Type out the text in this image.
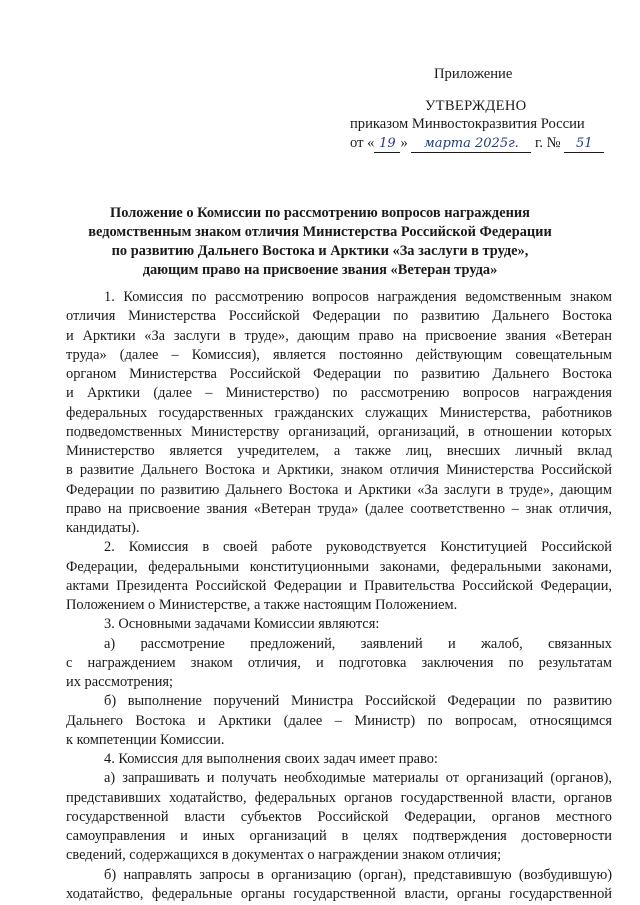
Приложение
УТВЕРЖДЕНО
приказом Минвостокразвития России
от « 19 » марта 2025г. г. № 51
Положение о Комиссии по рассмотрению вопросов награждения
ведомственным знаком отличия Министерства Российской Федерации
по развитию Дальнего Востока и Арктики «За заслуги в труде»,
дающим право на присвоение звания «Ветеран труда»
1. Комиссия по рассмотрению вопросов награждения ведомственным знаком
отличия Министерства Российской Федерации по развитию Дальнего Востока
и Арктики «За заслуги в труде», дающим право на присвоение звания «Ветеран
труда» (далее – Комиссия), является постоянно действующим совещательным
органом Министерства Российской Федерации по развитию Дальнего Востока
и Арктики (далее – Министерство) по рассмотрению вопросов награждения
федеральных государственных гражданских служащих Министерства, работников
подведомственных Министерству организаций, организаций, в отношении которых
Министерство является учредителем, а также лиц, внесших личный вклад
в развитие Дальнего Востока и Арктики, знаком отличия Министерства Российской
Федерации по развитию Дальнего Востока и Арктики «За заслуги в труде», дающим
право на присвоение звания «Ветеран труда» (далее соответственно – знак отличия,
кандидаты).
2. Комиссия в своей работе руководствуется Конституцией Российской
Федерации, федеральными конституционными законами, федеральными законами,
актами Президента Российской Федерации и Правительства Российской Федерации,
Положением о Министерстве, а также настоящим Положением.
3. Основными задачами Комиссии являются:
а) рассмотрение предложений, заявлений и жалоб, связанных
с награждением знаком отличия, и подготовка заключения по результатам
их рассмотрения;
б) выполнение поручений Министра Российской Федерации по развитию
Дальнего Востока и Арктики (далее – Министр) по вопросам, относящимся
к компетенции Комиссии.
4. Комиссия для выполнения своих задач имеет право:
а) запрашивать и получать необходимые материалы от организаций (органов),
представивших ходатайство, федеральных органов государственной власти, органов
государственной власти субъектов Российской Федерации, органов местного
самоуправления и иных организаций в целях подтверждения достоверности
сведений, содержащихся в документах о награждении знаком отличия;
б) направлять запросы в организацию (орган), представившую (возбудившую)
ходатайство, федеральные органы государственной власти, органы государственной
